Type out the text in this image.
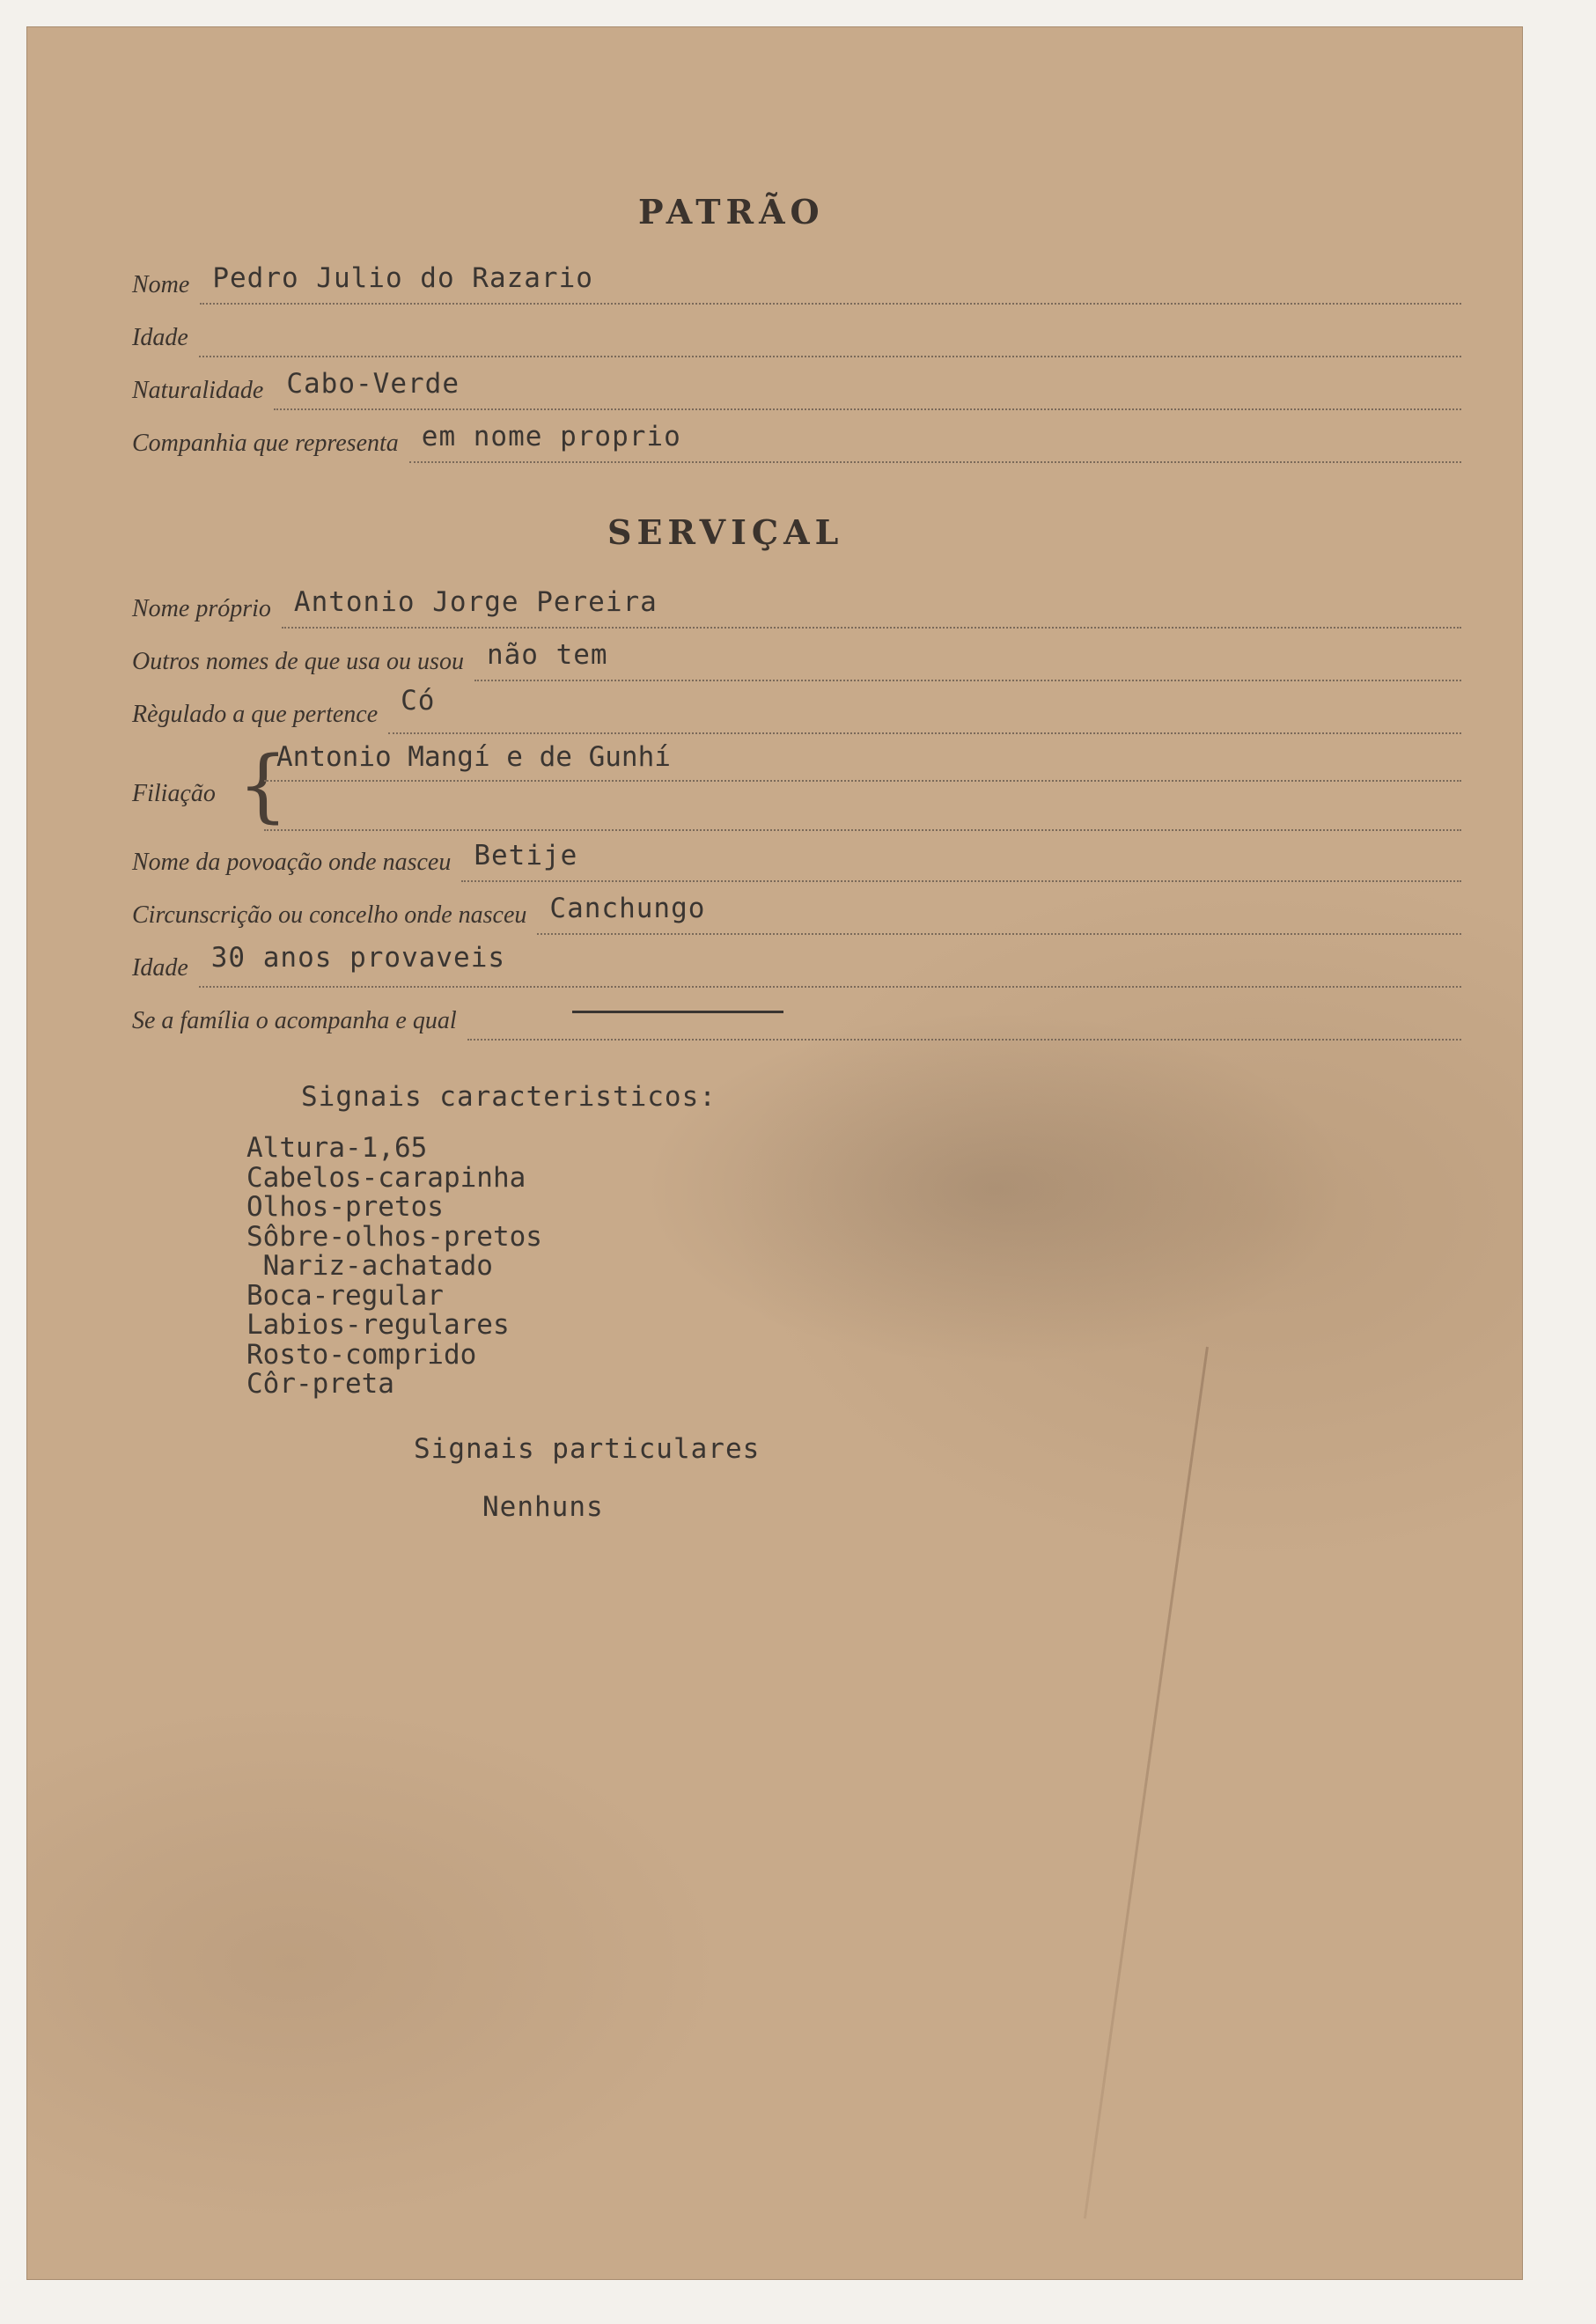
PATRÃO
Nome Pedro Julio do Razario
Idade
Naturalidade Cabo-Verde
Companhia que representa em nome proprio
SERVIÇAL
Nome próprio Antonio Jorge Pereira
Outros nomes de que usa ou usou não tem
Règulado a que pertence Có
Filiação {
Antonio Mangí e de Gunhí
Nome da povoação onde nasceu Betije
Circunscrição ou concelho onde nasceu Canchungo
Idade 30 anos provaveis
Se a família o acompanha e qual
Signais caracteristicos:
Altura-1,65
Cabelos-carapinha
Olhos-pretos
Sôbre-olhos-pretos
Nariz-achatado
Boca-regular
Labios-regulares
Rosto-comprido
Côr-preta
Signais particulares
Nenhuns
